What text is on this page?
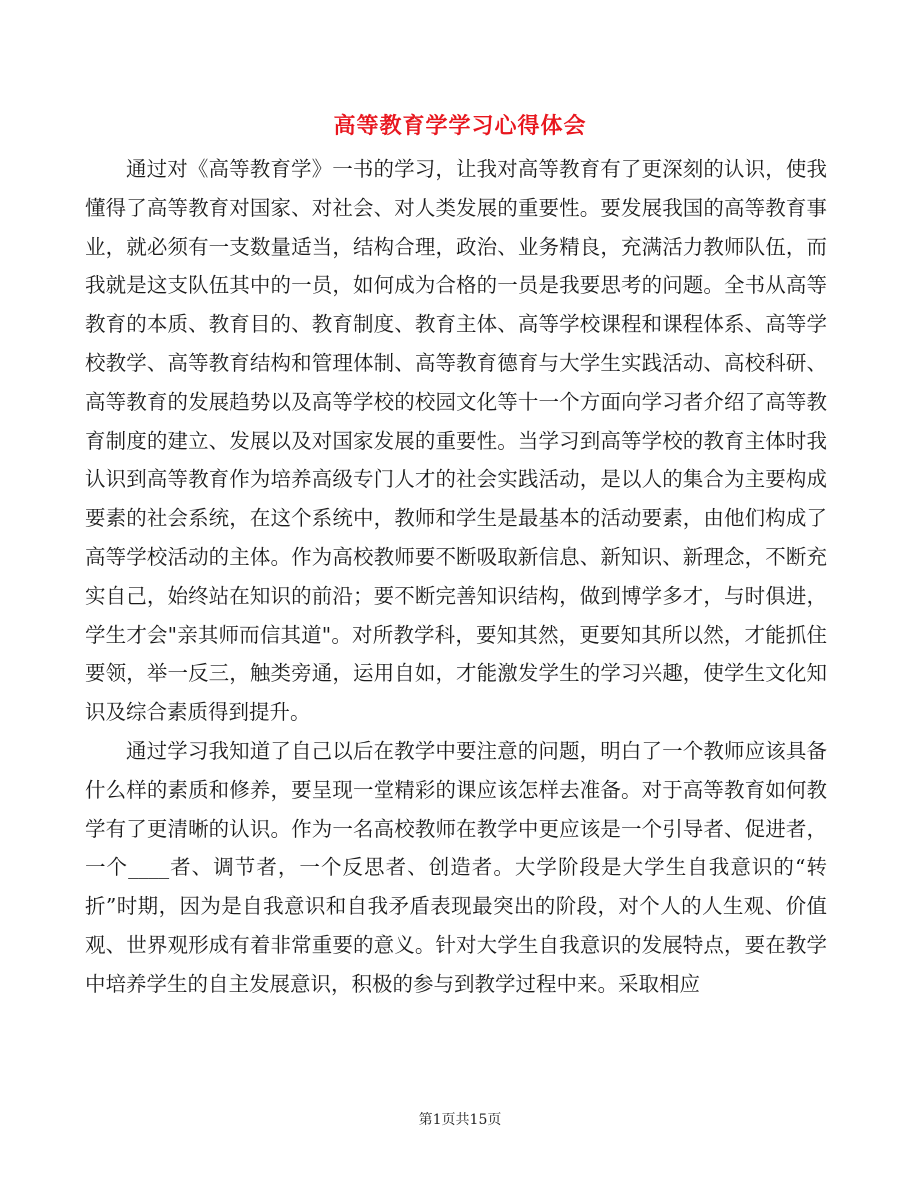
高等教育学学习心得体会

通过对《高等教育学》一书的学习，让我对高等教育有了更深刻的认识，使我懂得了高等教育对国家、对社会、对人类发展的重要性。要发展我国的高等教育事业，就必须有一支数量适当，结构合理，政治、业务精良，充满活力教师队伍，而我就是这支队伍其中的一员，如何成为合格的一员是我要思考的问题。全书从高等教育的本质、教育目的、教育制度、教育主体、高等学校课程和课程体系、高等学校教学、高等教育结构和管理体制、高等教育德育与大学生实践活动、高校科研、高等教育的发展趋势以及高等学校的校园文化等十一个方面向学习者介绍了高等教育制度的建立、发展以及对国家发展的重要性。当学习到高等学校的教育主体时我认识到高等教育作为培养高级专门人才的社会实践活动，是以人的集合为主要构成要素的社会系统，在这个系统中，教师和学生是最基本的活动要素，由他们构成了高等学校活动的主体。作为高校教师要不断吸取新信息、新知识、新理念，不断充实自己，始终站在知识的前沿；要不断完善知识结构，做到博学多才，与时俱进，学生才会"亲其师而信其道"。对所教学科，要知其然，更要知其所以然，才能抓住要领，举一反三，触类旁通，运用自如，才能激发学生的学习兴趣，使学生文化知识及综合素质得到提升。

通过学习我知道了自己以后在教学中要注意的问题，明白了一个教师应该具备什么样的素质和修养，要呈现一堂精彩的课应该怎样去准备。对于高等教育如何教学有了更清晰的认识。作为一名高校教师在教学中更应该是一个引导者、促进者，一个____者、调节者，一个反思者、创造者。大学阶段是大学生自我意识的“转折”时期，因为是自我意识和自我矛盾表现最突出的阶段，对个人的人生观、价值观、世界观形成有着非常重要的意义。针对大学生自我意识的发展特点，要在教学中培养学生的自主发展意识，积极的参与到教学过程中来。采取相应

第1页共15页
